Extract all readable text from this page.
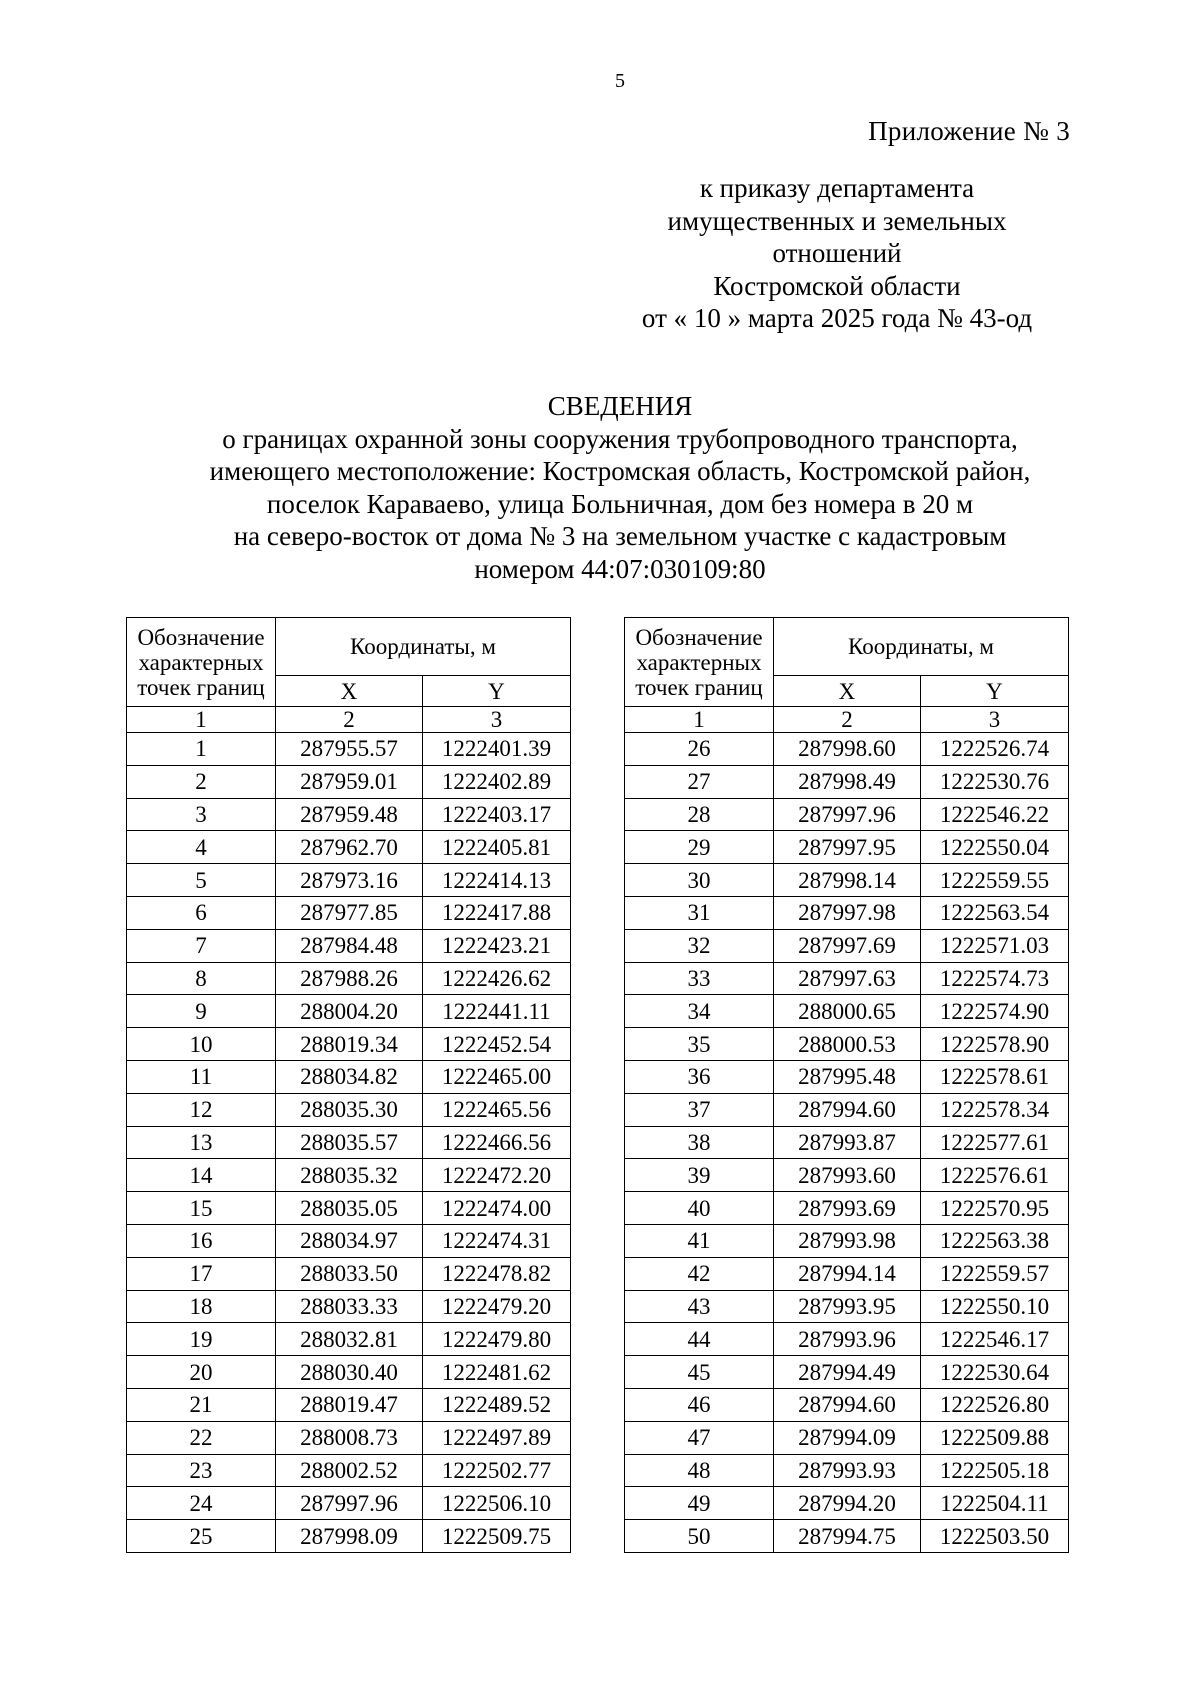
5
Приложение № 3
к приказу департамента
имущественных и земельных
отношений
Костромской области
от « 10 » марта 2025 года № 43-од
СВЕДЕНИЯ
о границах охранной зоны сооружения трубопроводного транспорта,
имеющего местоположение: Костромская область, Костромской район,
поселок Караваево, улица Больничная, дом без номера в 20 м
на северо-восток от дома № 3 на земельном участке с кадастровым
номером 44:07:030109:80
Обозначение характерных точек границ	Координаты, м	
	X	Y
1	2	3
1	287955.57	1222401.39
2	287959.01	1222402.89
3	287959.48	1222403.17
4	287962.70	1222405.81
5	287973.16	1222414.13
6	287977.85	1222417.88
7	287984.48	1222423.21
8	287988.26	1222426.62
9	288004.20	1222441.11
10	288019.34	1222452.54
11	288034.82	1222465.00
12	288035.30	1222465.56
13	288035.57	1222466.56
14	288035.32	1222472.20
15	288035.05	1222474.00
16	288034.97	1222474.31
17	288033.50	1222478.82
18	288033.33	1222479.20
19	288032.81	1222479.80
20	288030.40	1222481.62
21	288019.47	1222489.52
22	288008.73	1222497.89
23	288002.52	1222502.77
24	287997.96	1222506.10
25	287998.09	1222509.75
Обозначение характерных точек границ	Координаты, м	
	X	Y
1	2	3
26	287998.60	1222526.74
27	287998.49	1222530.76
28	287997.96	1222546.22
29	287997.95	1222550.04
30	287998.14	1222559.55
31	287997.98	1222563.54
32	287997.69	1222571.03
33	287997.63	1222574.73
34	288000.65	1222574.90
35	288000.53	1222578.90
36	287995.48	1222578.61
37	287994.60	1222578.34
38	287993.87	1222577.61
39	287993.60	1222576.61
40	287993.69	1222570.95
41	287993.98	1222563.38
42	287994.14	1222559.57
43	287993.95	1222550.10
44	287993.96	1222546.17
45	287994.49	1222530.64
46	287994.60	1222526.80
47	287994.09	1222509.88
48	287993.93	1222505.18
49	287994.20	1222504.11
50	287994.75	1222503.50
